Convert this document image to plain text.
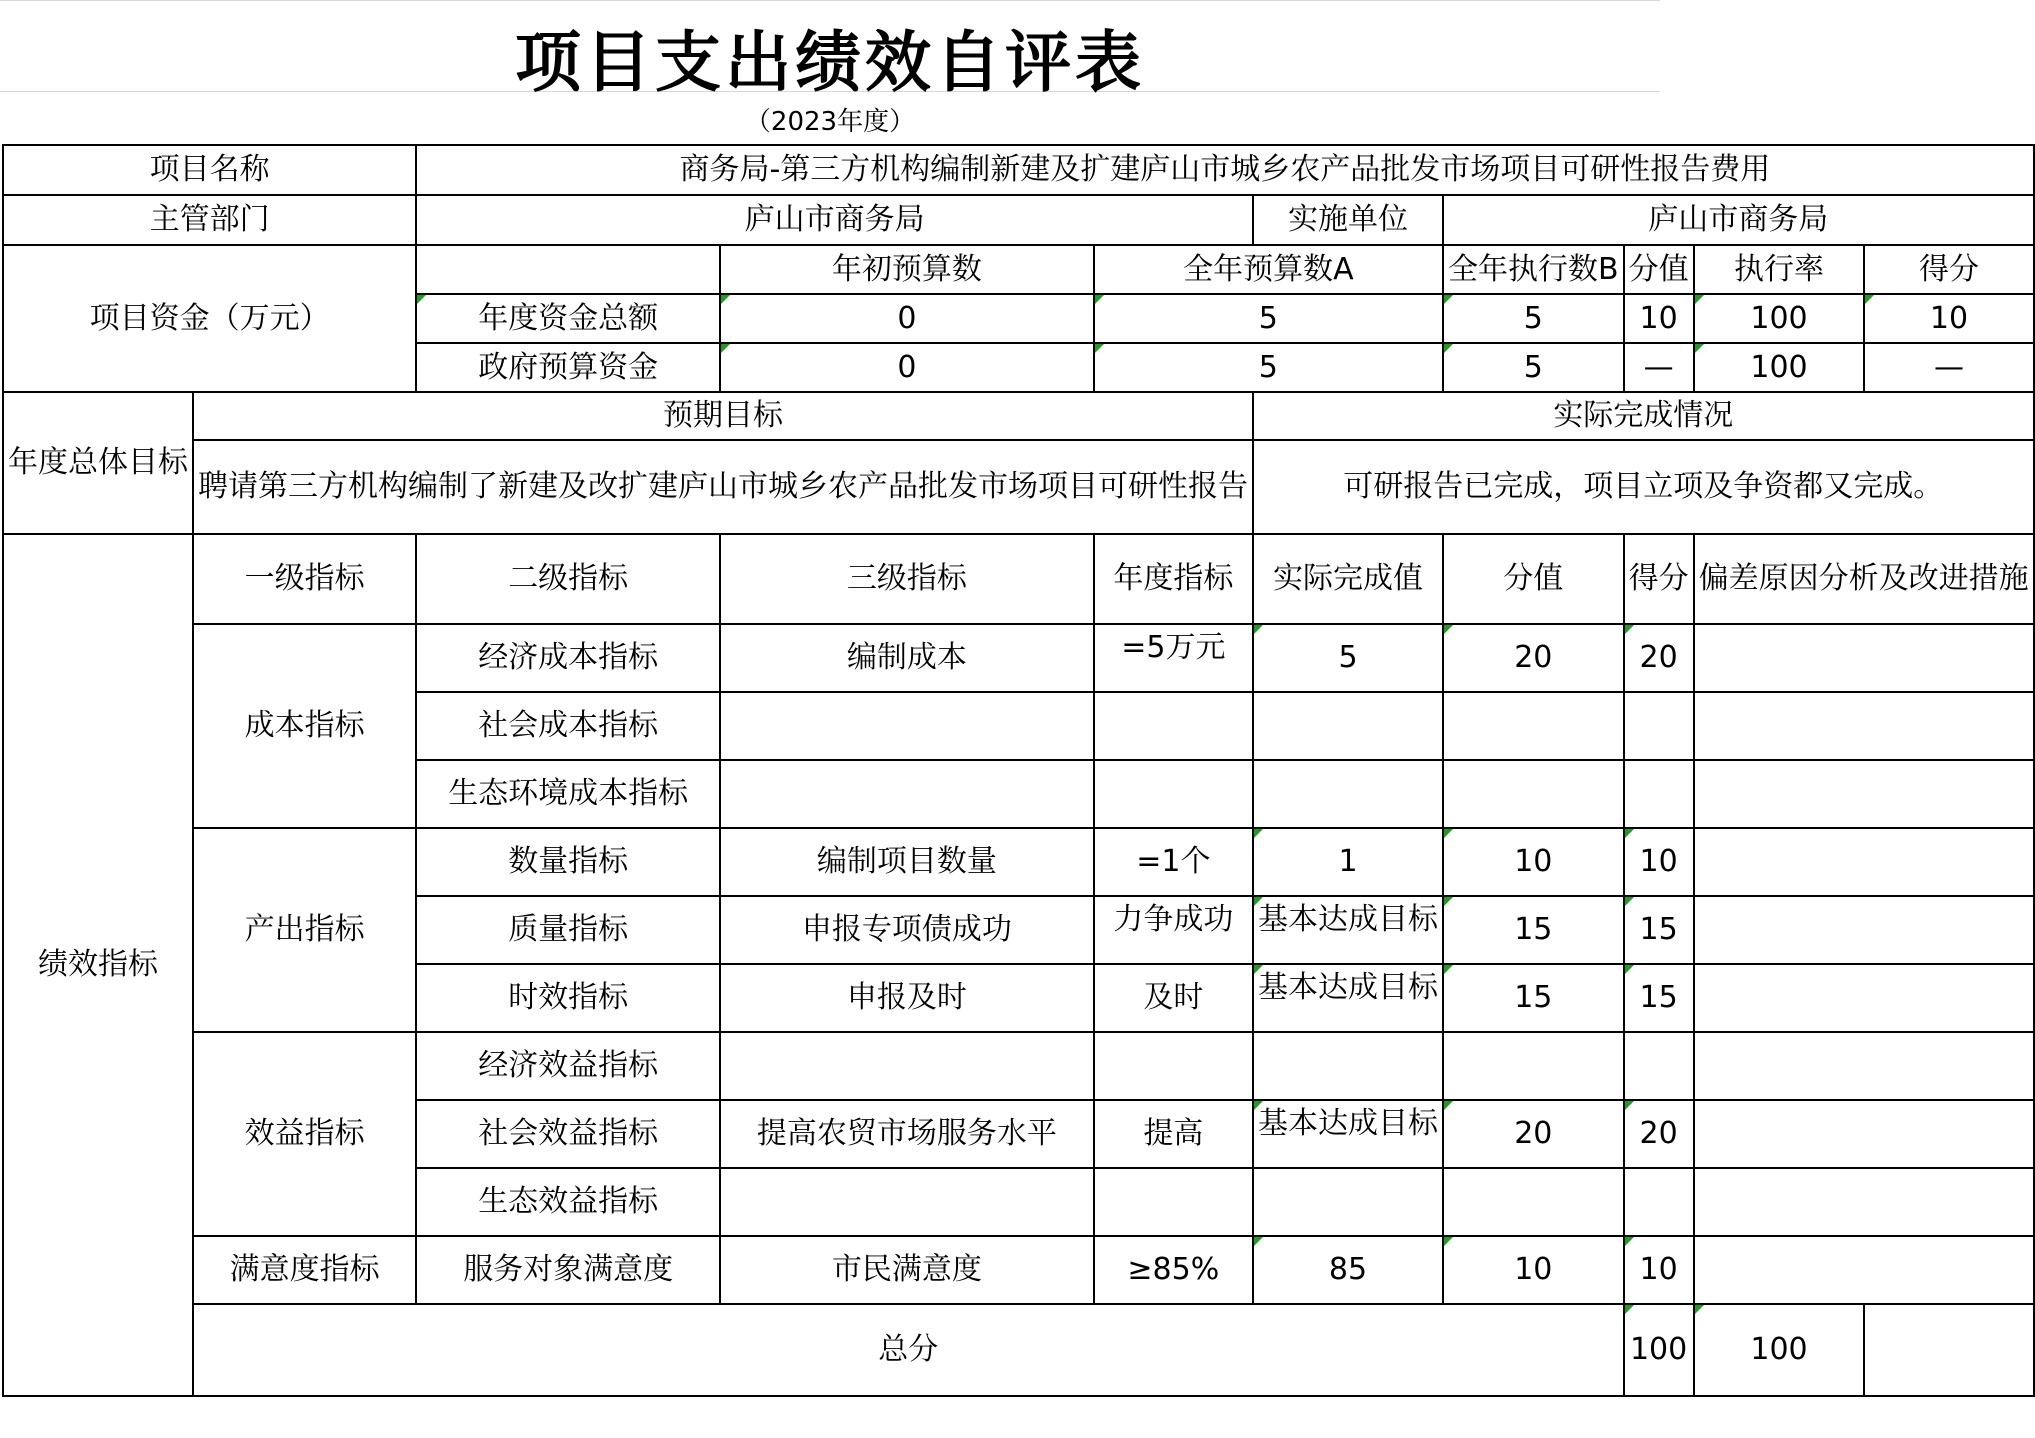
项目支出绩效自评表
（2023年度）
项目名称		商务局-第三方机构编制新建及扩建庐山市城乡农产品批发市场项目可研性报告费用							
主管部门		庐山市商务局			实施单位	庐山市商务局			
项目资金（万元）			年初预算数	全年预算数A		全年执行数B	分值	执行率	得分
		年度资金总额	0	5		5	10	100	10
		政府预算资金	0	5		5	—	100	—
年度总体目标	预期目标				实际完成情况				
	聘请第三方机构编制了新建及改扩建庐山市城乡农产品批发市场项目可研性报告				可研报告已完成，项目立项及争资都又完成。				
绩效指标	一级指标	二级指标	三级指标	年度指标	实际完成值	分值	得分	偏差原因分析及改进措施	
	成本指标	经济成本指标	编制成本	=5万元	5	20	20		
		社会成本指标							
		生态环境成本指标							
	产出指标	数量指标	编制项目数量	=1个	1	10	10		
		质量指标	申报专项债成功	力争成功	基本达成目标	15	15		
		时效指标	申报及时	及时	基本达成目标	15	15		
	效益指标	经济效益指标							
		社会效益指标	提高农贸市场服务水平	提高	基本达成目标	20	20		
		生态效益指标							
	满意度指标	服务对象满意度	市民满意度	≥85%	85	10	10		
	总分						100	100	
